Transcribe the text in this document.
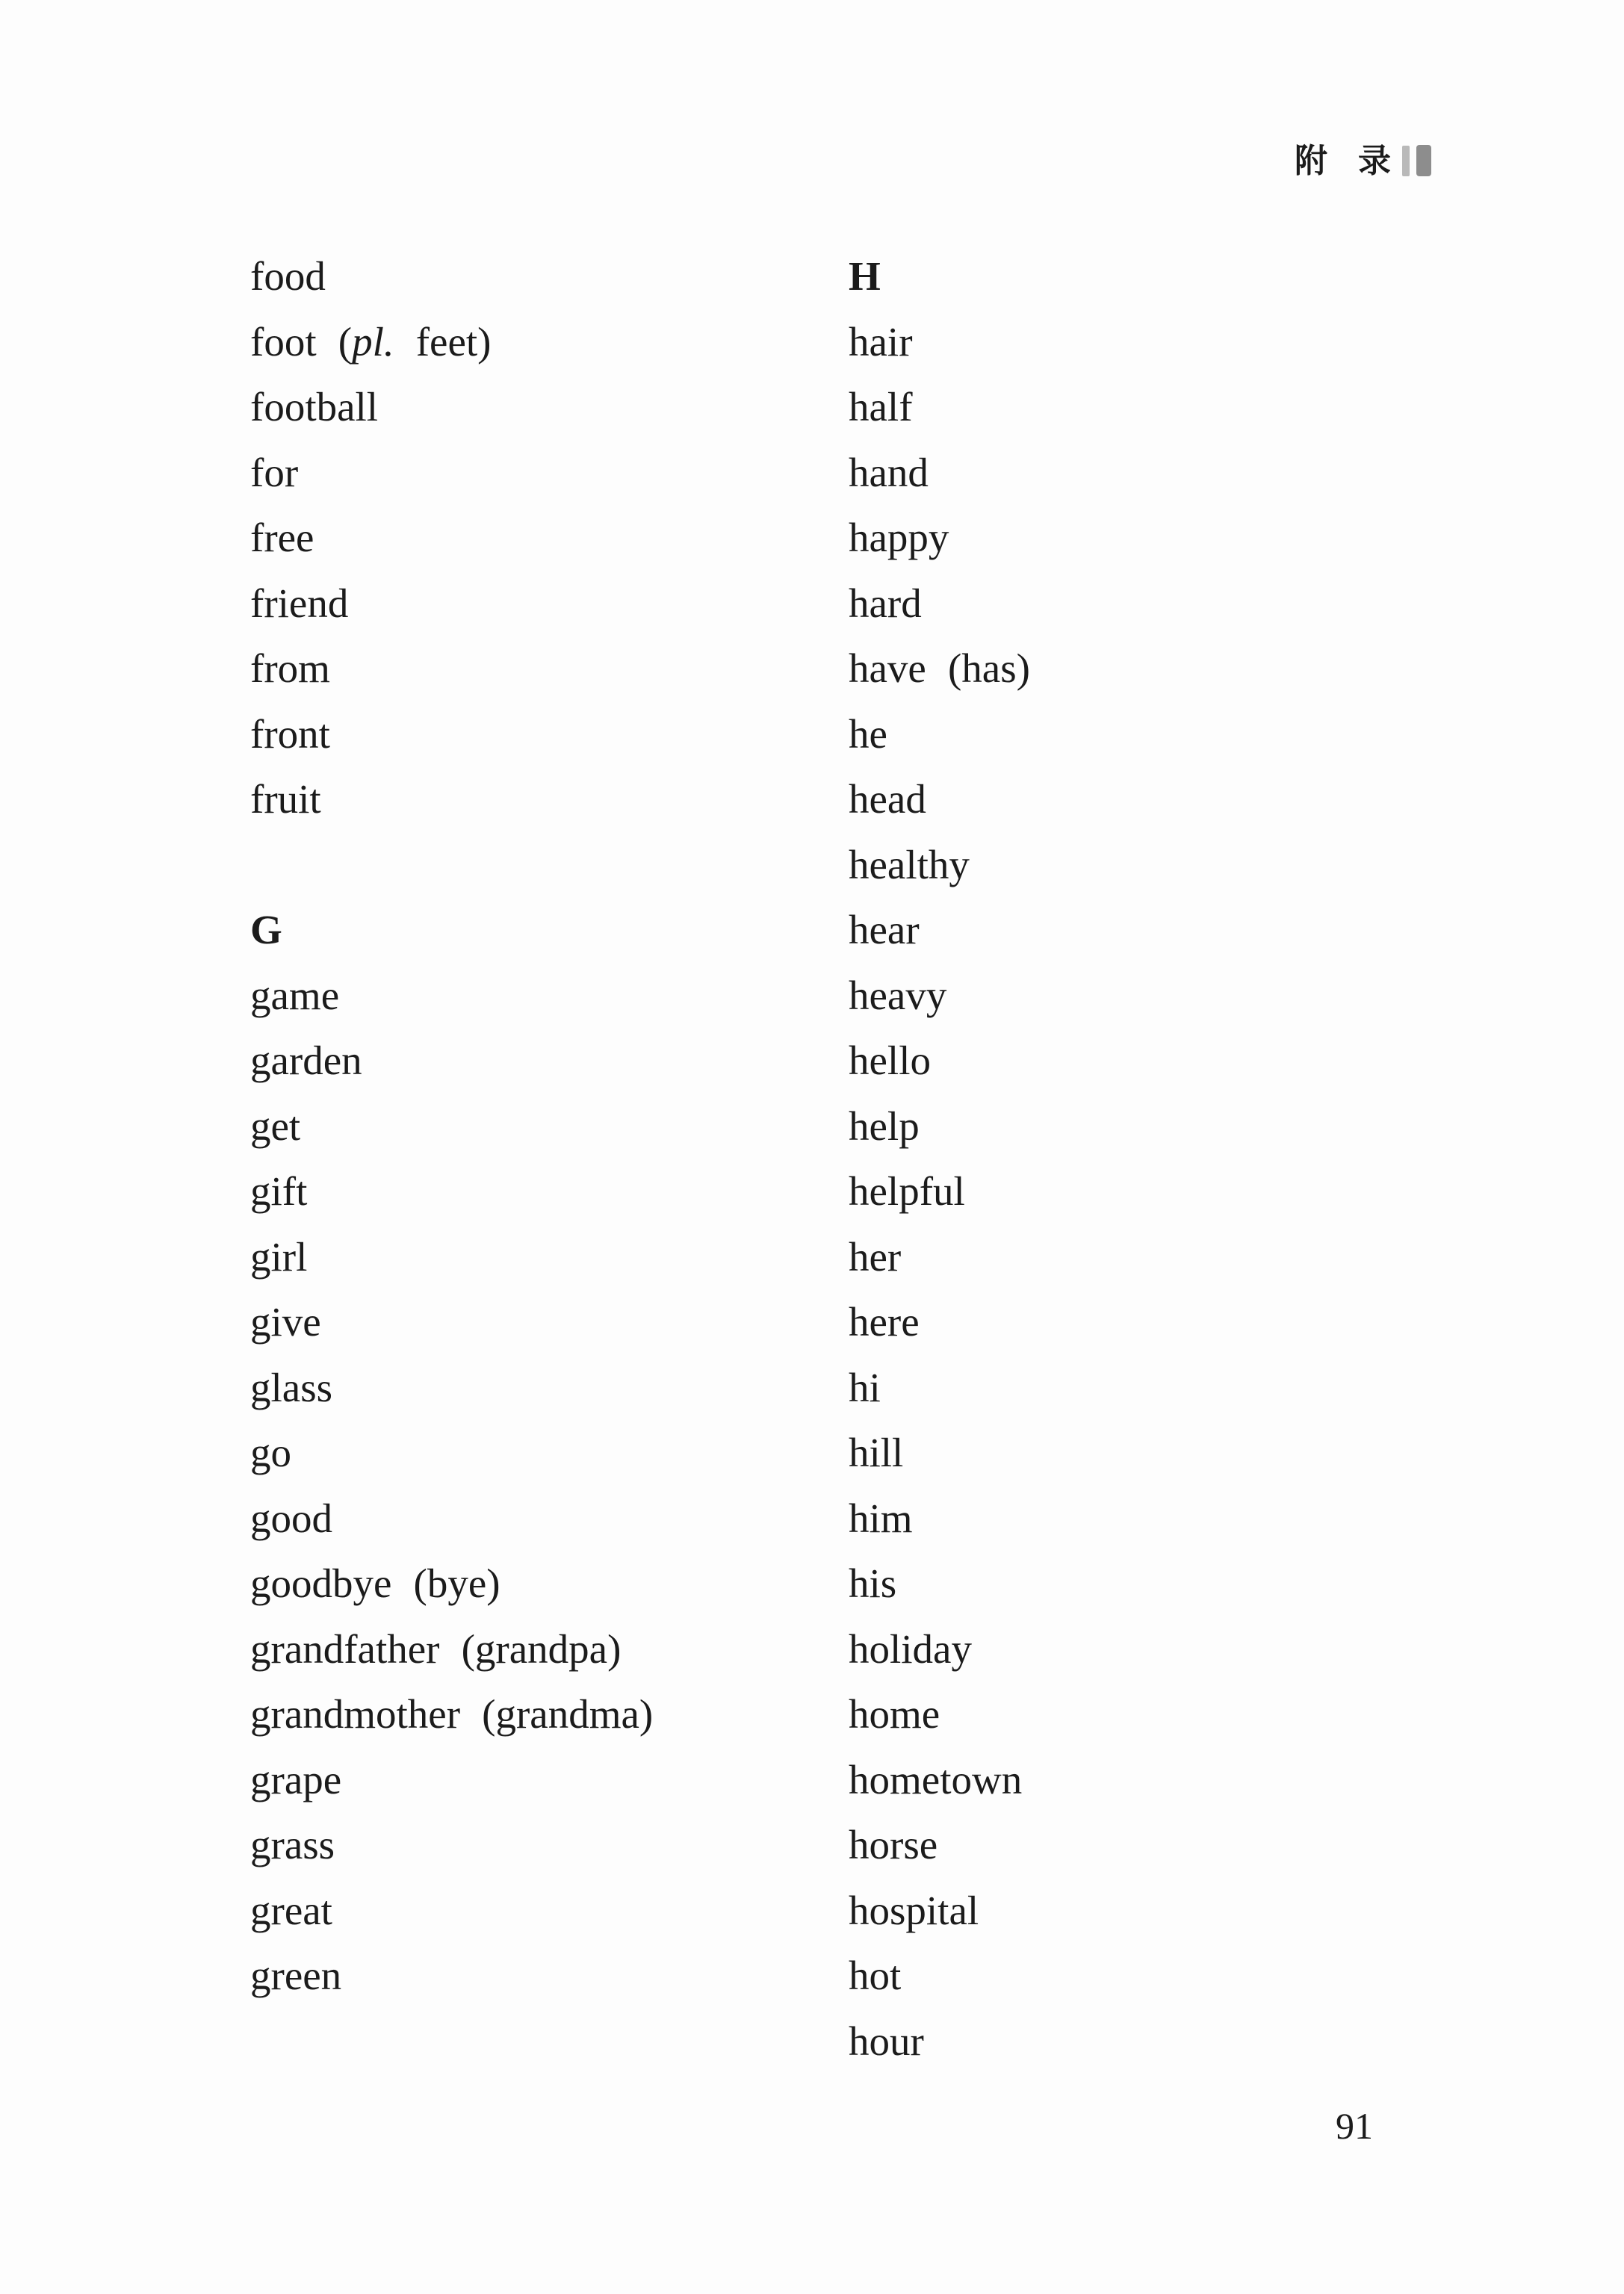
附 录
food
foot (pl. feet)
football
for
free
friend
from
front
fruit
G
game
garden
get
gift
girl
give
glass
go
good
goodbye (bye)
grandfather (grandpa)
grandmother (grandma)
grape
grass
great
green
H
hair
half
hand
happy
hard
have (has)
he
head
healthy
hear
heavy
hello
help
helpful
her
here
hi
hill
him
his
holiday
home
hometown
horse
hospital
hot
hour
91
